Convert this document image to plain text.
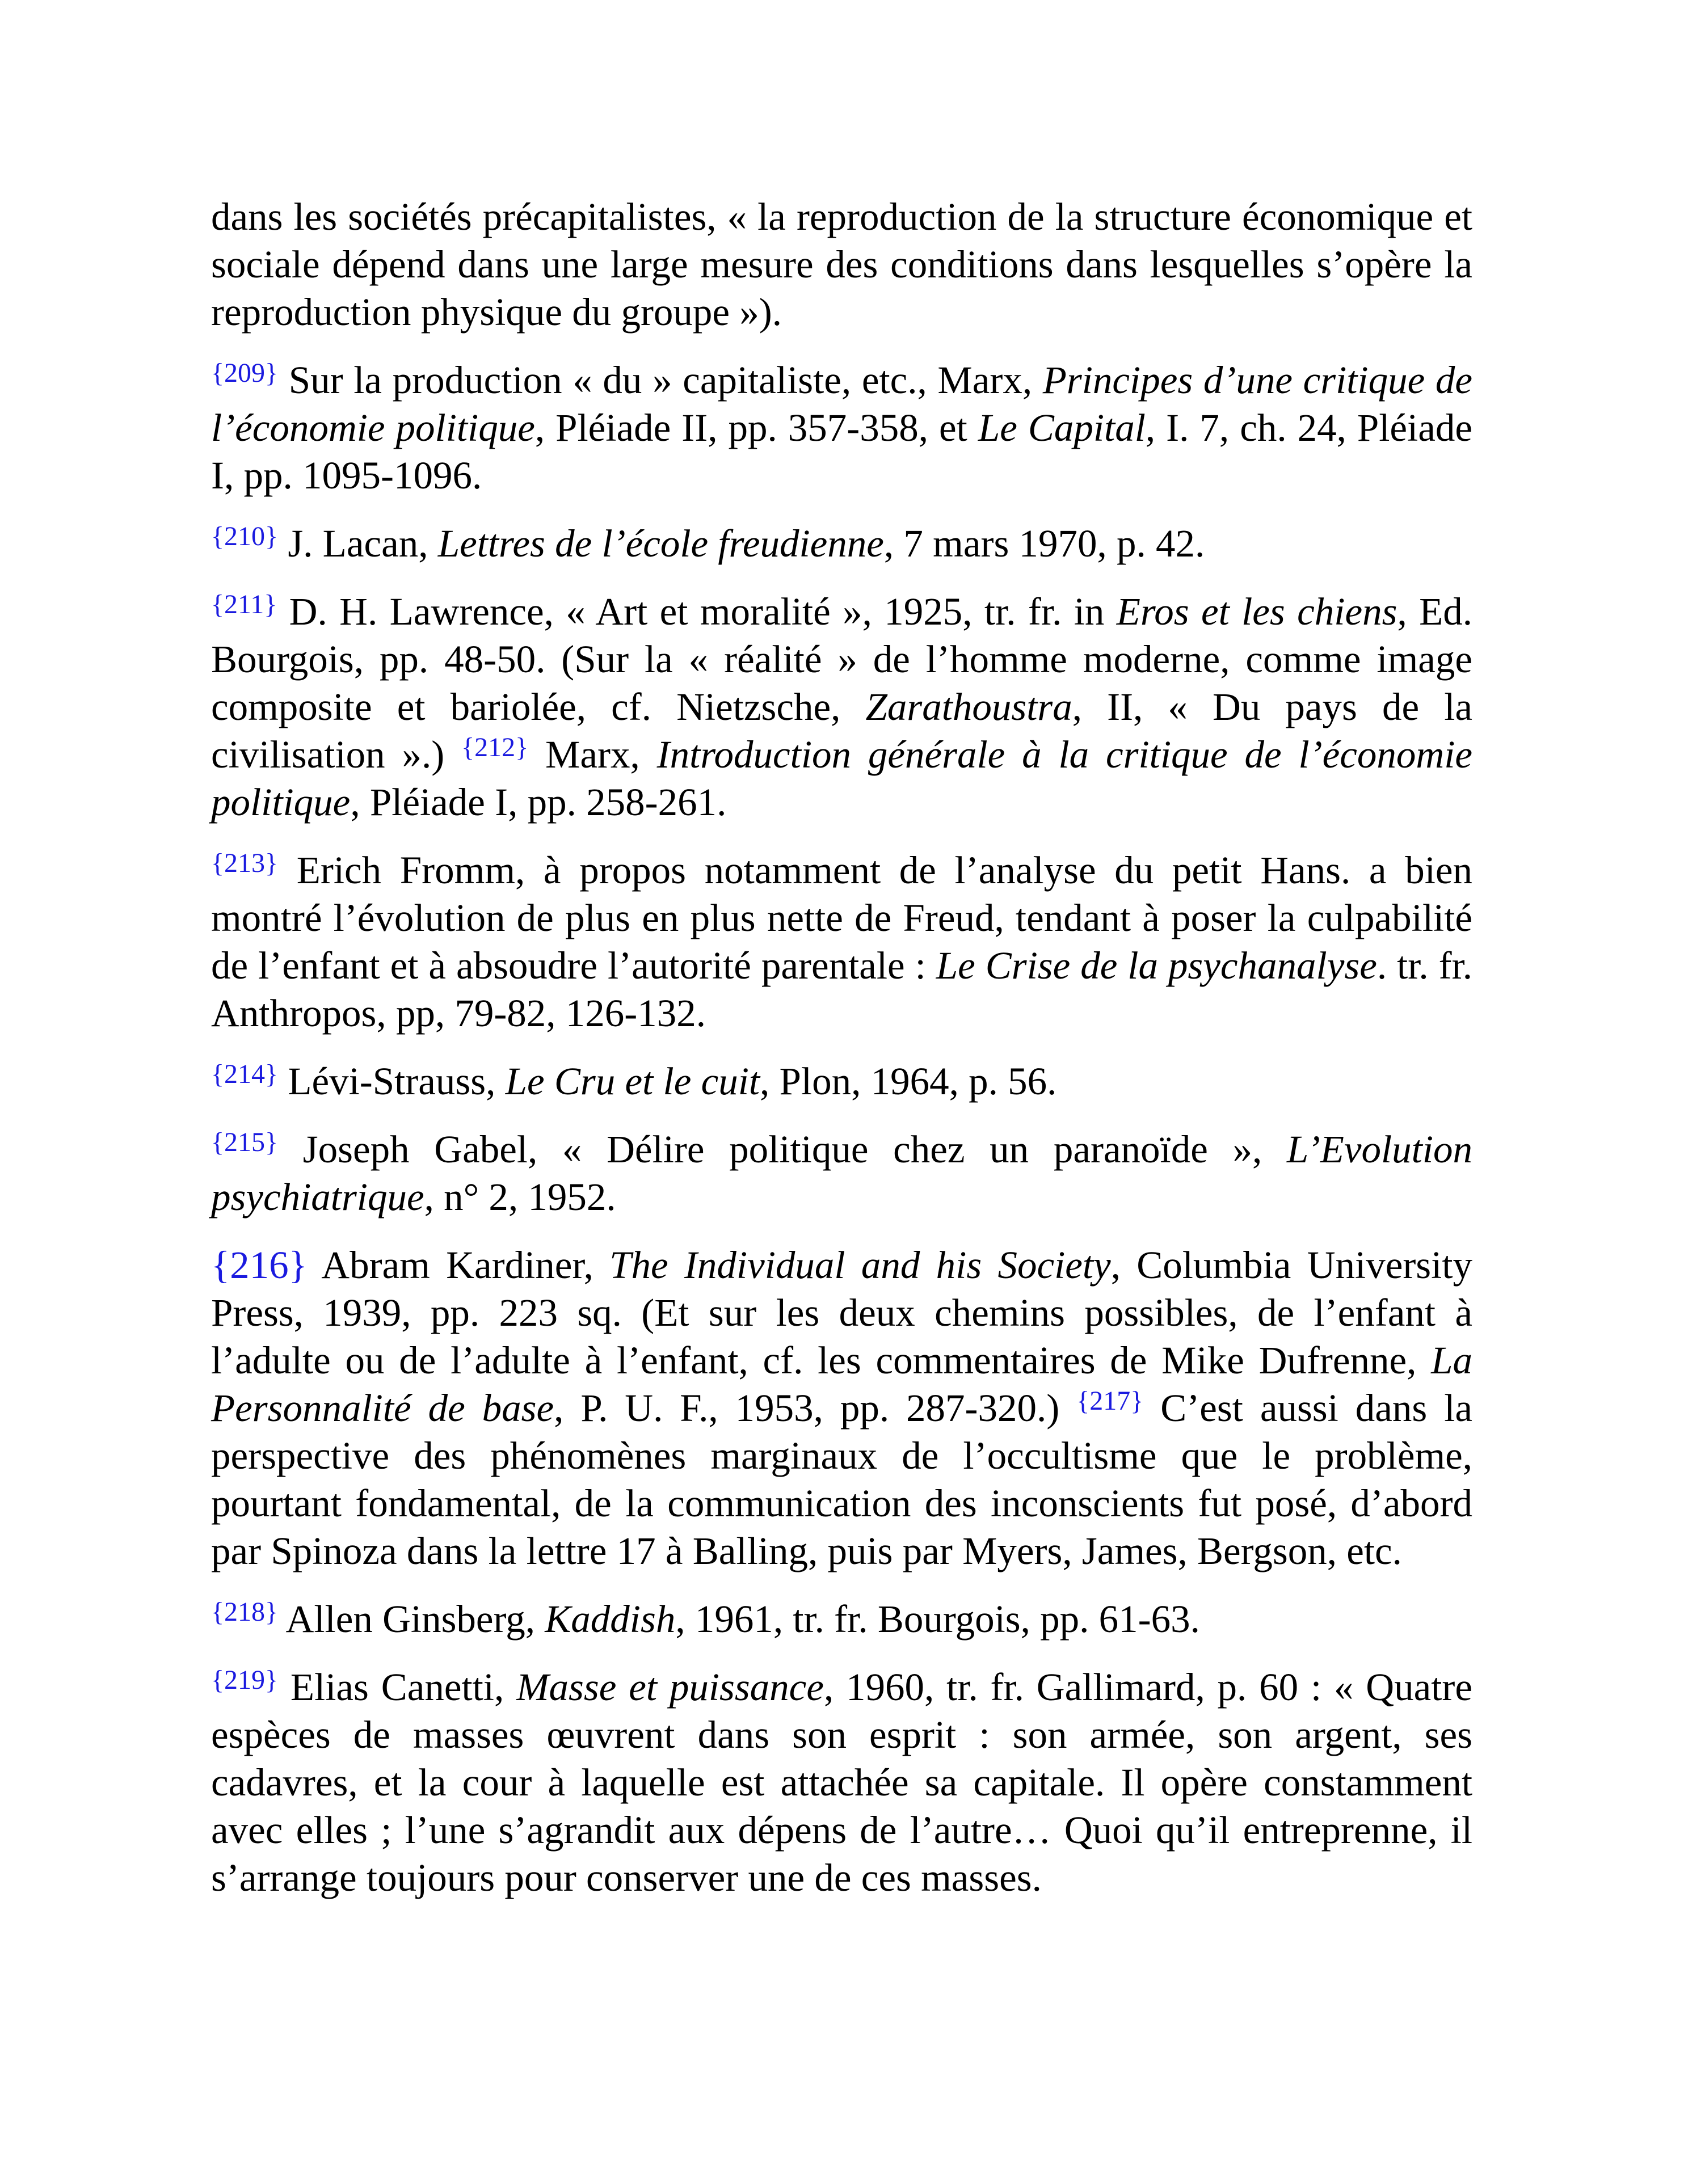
dans les sociétés précapitalistes, « la reproduction de la structure économique et sociale dépend dans une large mesure des conditions dans lesquelles s’opère la reproduction physique du groupe »).

$^{\{209\}}$ Sur la production « du » capitaliste, etc., Marx, Principes d’une critique de l’économie politique, Pléiade II, pp. 357-358, et Le Capital, I. 7, ch. 24, Pléiade I, pp. 1095-1096.

$^{\{210\}}$ J. Lacan, Lettres de l’école freudienne, 7 mars 1970, p. 42.

$^{\{211\}}$ D. H. Lawrence, « Art et moralité », 1925, tr. fr. in Eros et les chiens, Ed. Bourgois, pp. 48-50. (Sur la « réalité » de l’homme moderne, comme image composite et bariolée, cf. Nietzsche, Zarathoustra, II, « Du pays de la civilisation ».) $^{\{212\}}$ Marx, Introduction générale à la critique de l’économie politique, Pléiade I, pp. 258-261.

$^{\{213\}}$ Erich Fromm, à propos notamment de l’analyse du petit Hans. a bien montré l’évolution de plus en plus nette de Freud, tendant à poser la culpabilité de l’enfant et à absoudre l’autorité parentale : Le Crise de la psychanalyse. tr. fr. Anthropos, pp, 79-82, 126-132.

$^{\{214\}}$ Lévi-Strauss, Le Cru et le cuit, Plon, 1964, p. 56.

$^{\{215\}}$ Joseph Gabel, « Délire politique chez un paranoïde », L’Evolution psychiatrique, n° 2, 1952.

{216} Abram Kardiner, The Individual and his Society, Columbia University Press, 1939, pp. 223 sq. (Et sur les deux chemins possibles, de l’enfant à l’adulte ou de l’adulte à l’enfant, cf. les commentaires de Mike Dufrenne, La Personnalité de base, P. U. F., 1953, pp. 287-320.) $^{\{217\}}$ C’est aussi dans la perspective des phénomènes marginaux de l’occultisme que le problème, pourtant fondamental, de la communication des inconscients fut posé, d’abord par Spinoza dans la lettre 17 à Balling, puis par Myers, James, Bergson, etc.

$^{\{218\}}$ Allen Ginsberg, Kaddish, 1961, tr. fr. Bourgois, pp. 61-63.

$^{\{219\}}$ Elias Canetti, Masse et puissance, 1960, tr. fr. Gallimard, p. 60 : « Quatre espèces de masses œuvrent dans son esprit : son armée, son argent, ses cadavres, et la cour à laquelle est attachée sa capitale. Il opère constamment avec elles ; l’une s’agrandit aux dépens de l’autre… Quoi qu’il entreprenne, il s’arrange toujours pour conserver une de ces masses.
